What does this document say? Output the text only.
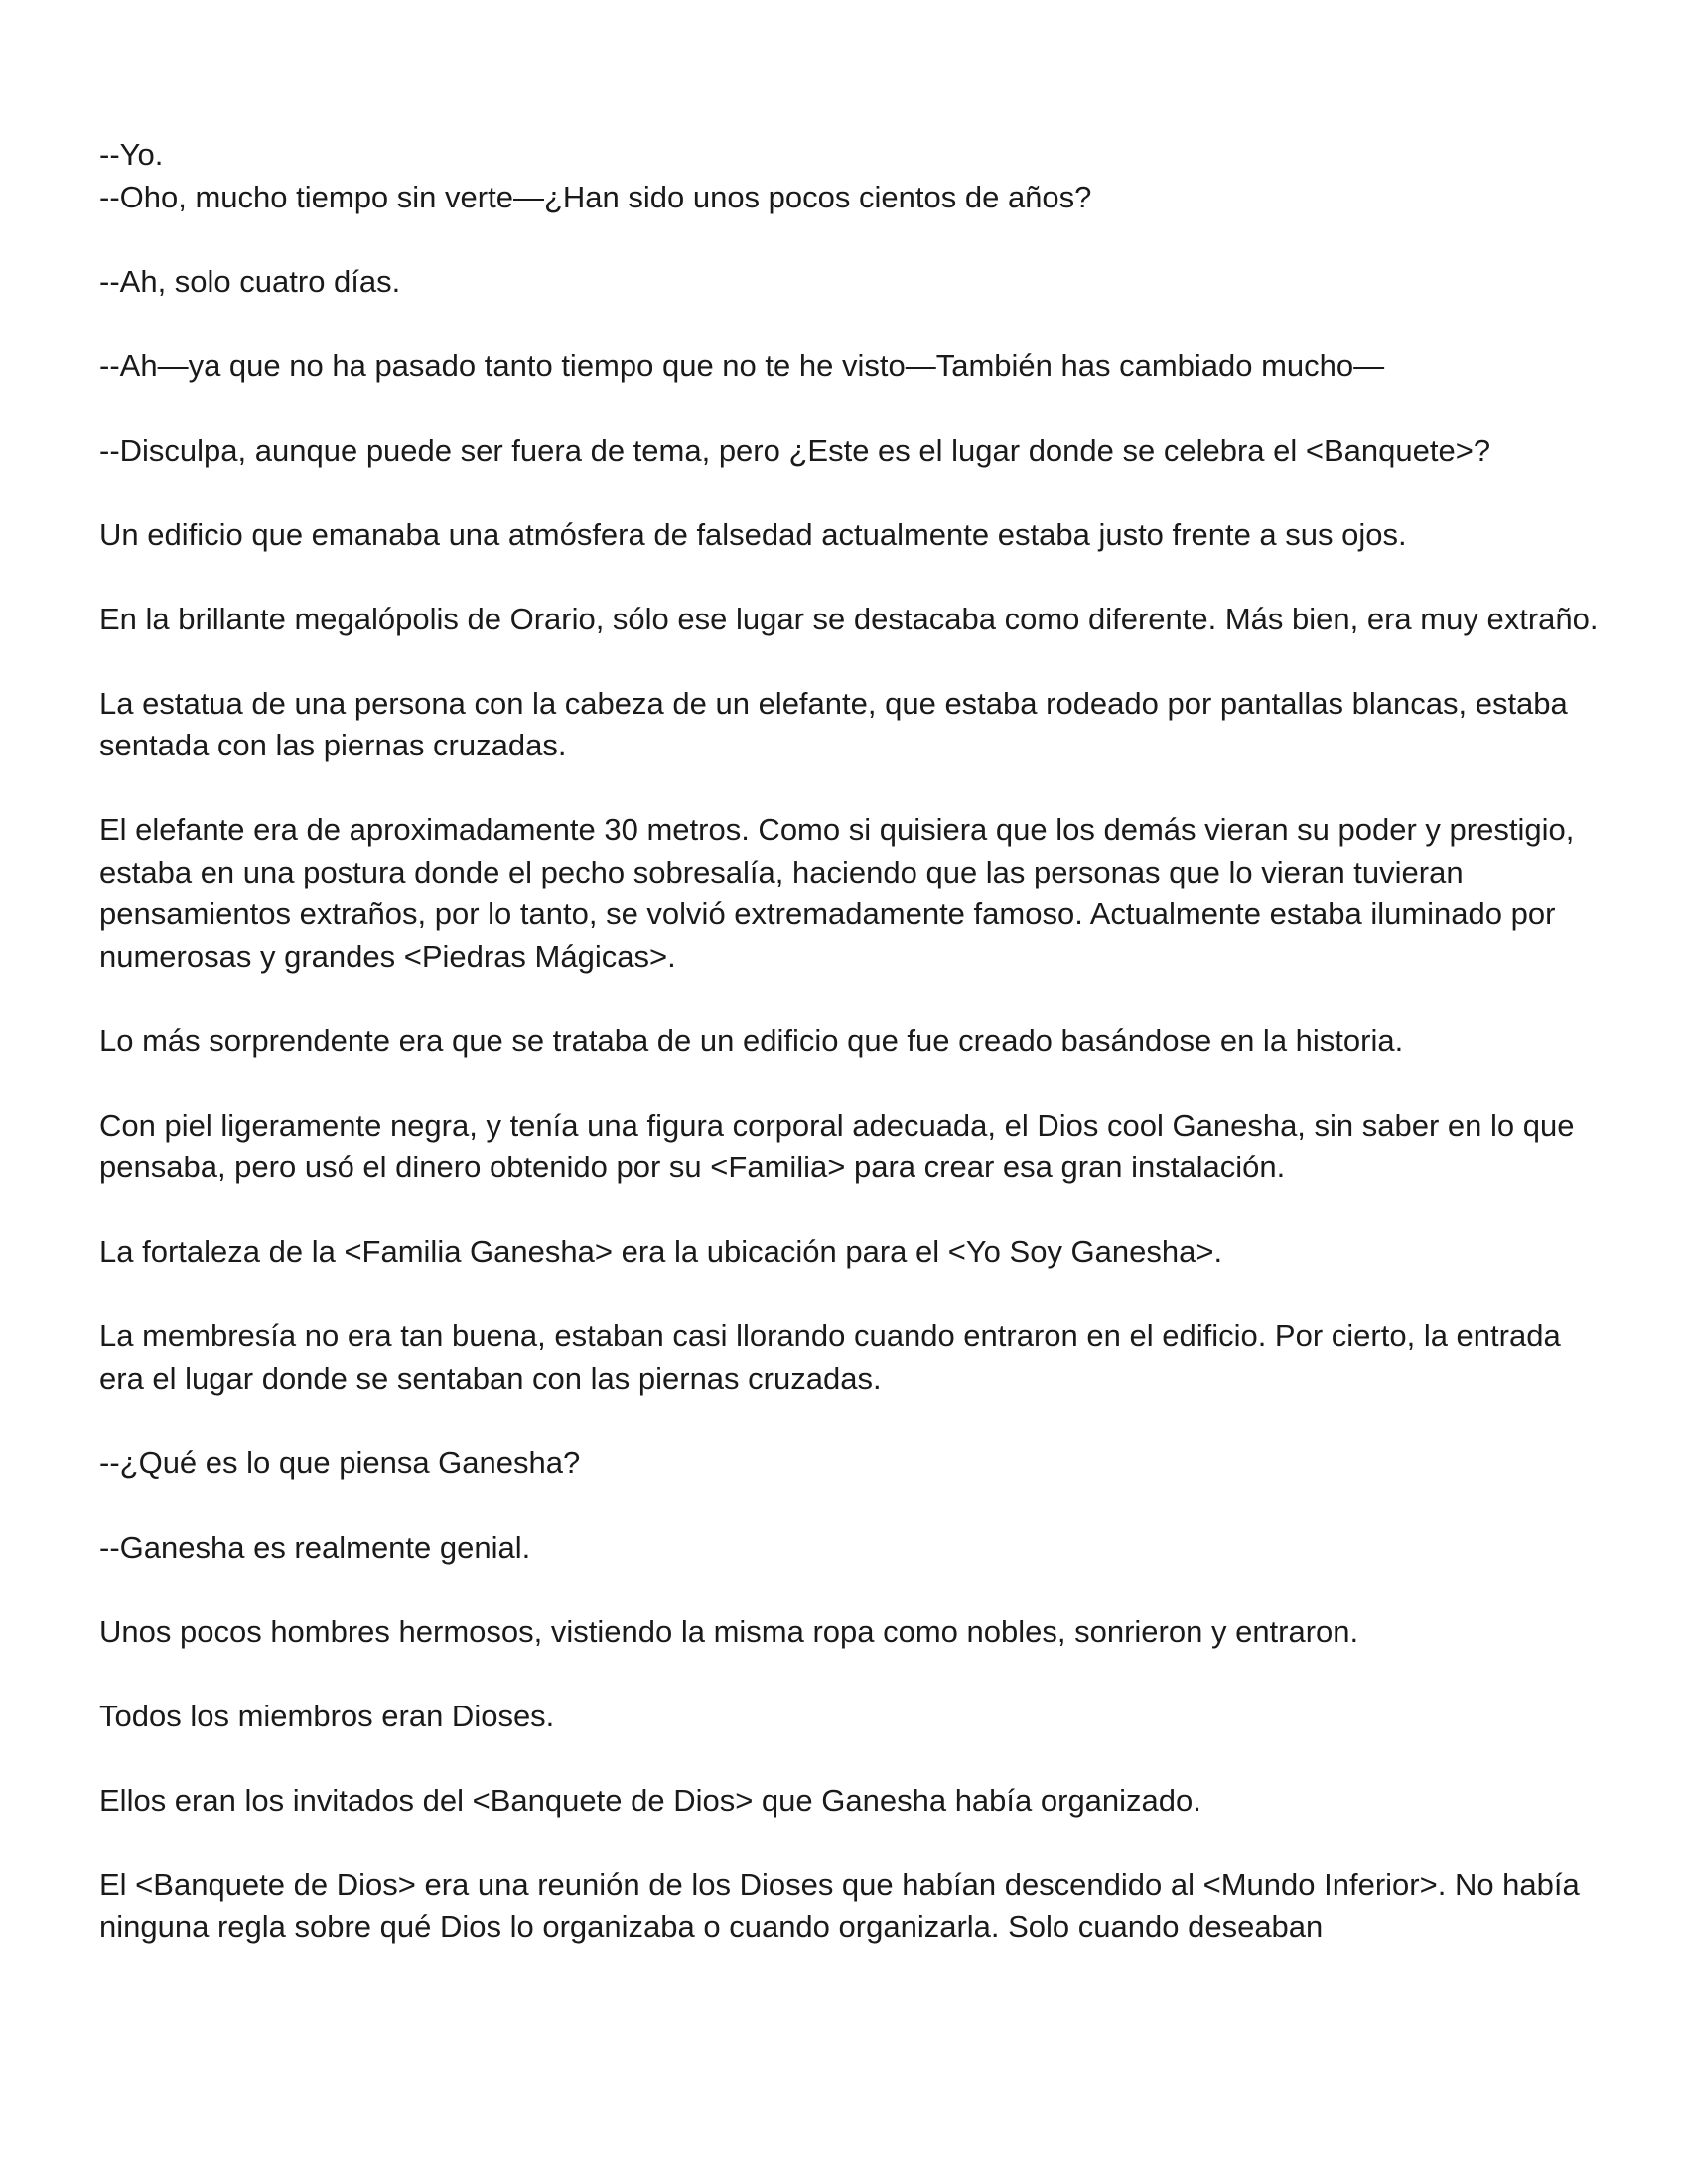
--Yo.

--Oho, mucho tiempo sin verte—¿Han sido unos pocos cientos de años?

--Ah, solo cuatro días.

--Ah—ya que no ha pasado tanto tiempo que no te he visto—También has cambiado mucho—

--Disculpa, aunque puede ser fuera de tema, pero ¿Este es el lugar donde se celebra el <Banquete>?

Un edificio que emanaba una atmósfera de falsedad actualmente estaba justo frente a sus ojos.

En la brillante megalópolis de Orario, sólo ese lugar se destacaba como diferente. Más bien, era muy extraño.

La estatua de una persona con la cabeza de un elefante, que estaba rodeado por pantallas blancas, estaba sentada con las piernas cruzadas.

El elefante era de aproximadamente 30 metros. Como si quisiera que los demás vieran su poder y prestigio, estaba en una postura donde el pecho sobresalía, haciendo que las personas que lo vieran tuvieran pensamientos extraños, por lo tanto, se volvió extremadamente famoso. Actualmente estaba iluminado por numerosas y grandes <Piedras Mágicas>.

Lo más sorprendente era que se trataba de un edificio que fue creado basándose en la historia.

Con piel ligeramente negra, y tenía una figura corporal adecuada, el Dios cool Ganesha, sin saber en lo que pensaba, pero usó el dinero obtenido por su <Familia> para crear esa gran instalación.

La fortaleza de la <Familia Ganesha> era la ubicación para el <Yo Soy Ganesha>.

La membresía no era tan buena, estaban casi llorando cuando entraron en el edificio. Por cierto, la entrada era el lugar donde se sentaban con las piernas cruzadas.

--¿Qué es lo que piensa Ganesha?

--Ganesha es realmente genial.

Unos pocos hombres hermosos, vistiendo la misma ropa como nobles, sonrieron y entraron.

Todos los miembros eran Dioses.

Ellos eran los invitados del <Banquete de Dios> que Ganesha había organizado.

El <Banquete de Dios> era una reunión de los Dioses que habían descendido al <Mundo Inferior>. No había ninguna regla sobre qué Dios lo organizaba o cuando organizarla. Solo cuando deseaban
